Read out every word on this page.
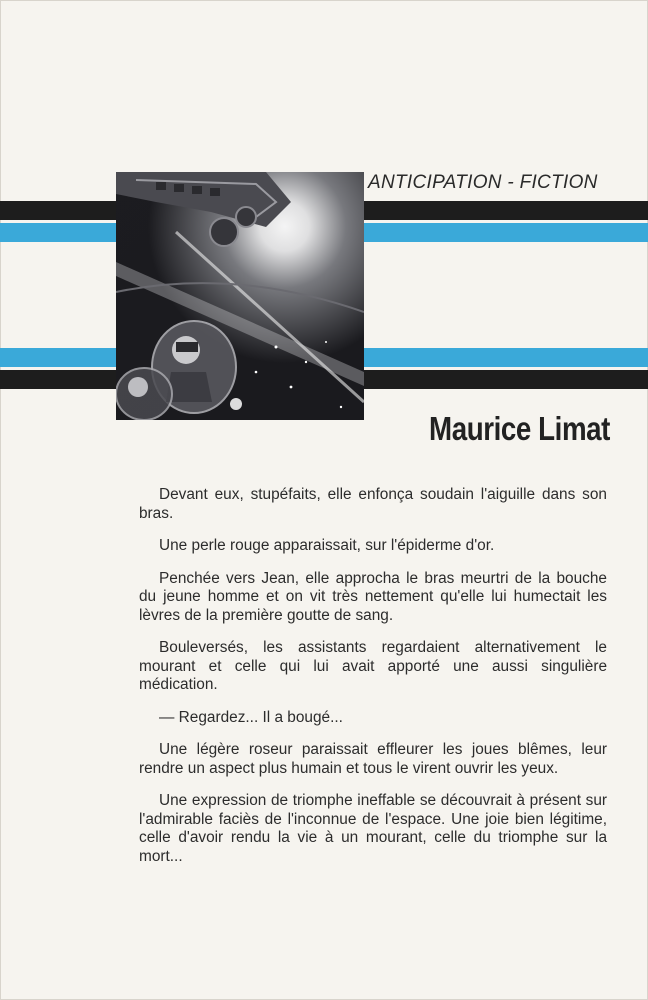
ANTICIPATION - FICTION
Maurice Limat

Devant eux, stupéfaits, elle enfonça soudain l'aiguille dans son bras.

Une perle rouge apparaissait, sur l'épiderme d'or.

Penchée vers Jean, elle approcha le bras meurtri de la bouche du jeune homme et on vit très nettement qu'elle lui humectait les lèvres de la première goutte de sang.

Bouleversés, les assistants regardaient alternativement le mourant et celle qui lui avait apporté une aussi singulière médication.

— Regardez... Il a bougé...

Une légère roseur paraissait effleurer les joues blêmes, leur rendre un aspect plus humain et tous le virent ouvrir les yeux.

Une expression de triomphe ineffable se découvrait à présent sur l'admirable faciès de l'inconnue de l'espace. Une joie bien légitime, celle d'avoir rendu la vie à un mourant, celle du triomphe sur la mort...
